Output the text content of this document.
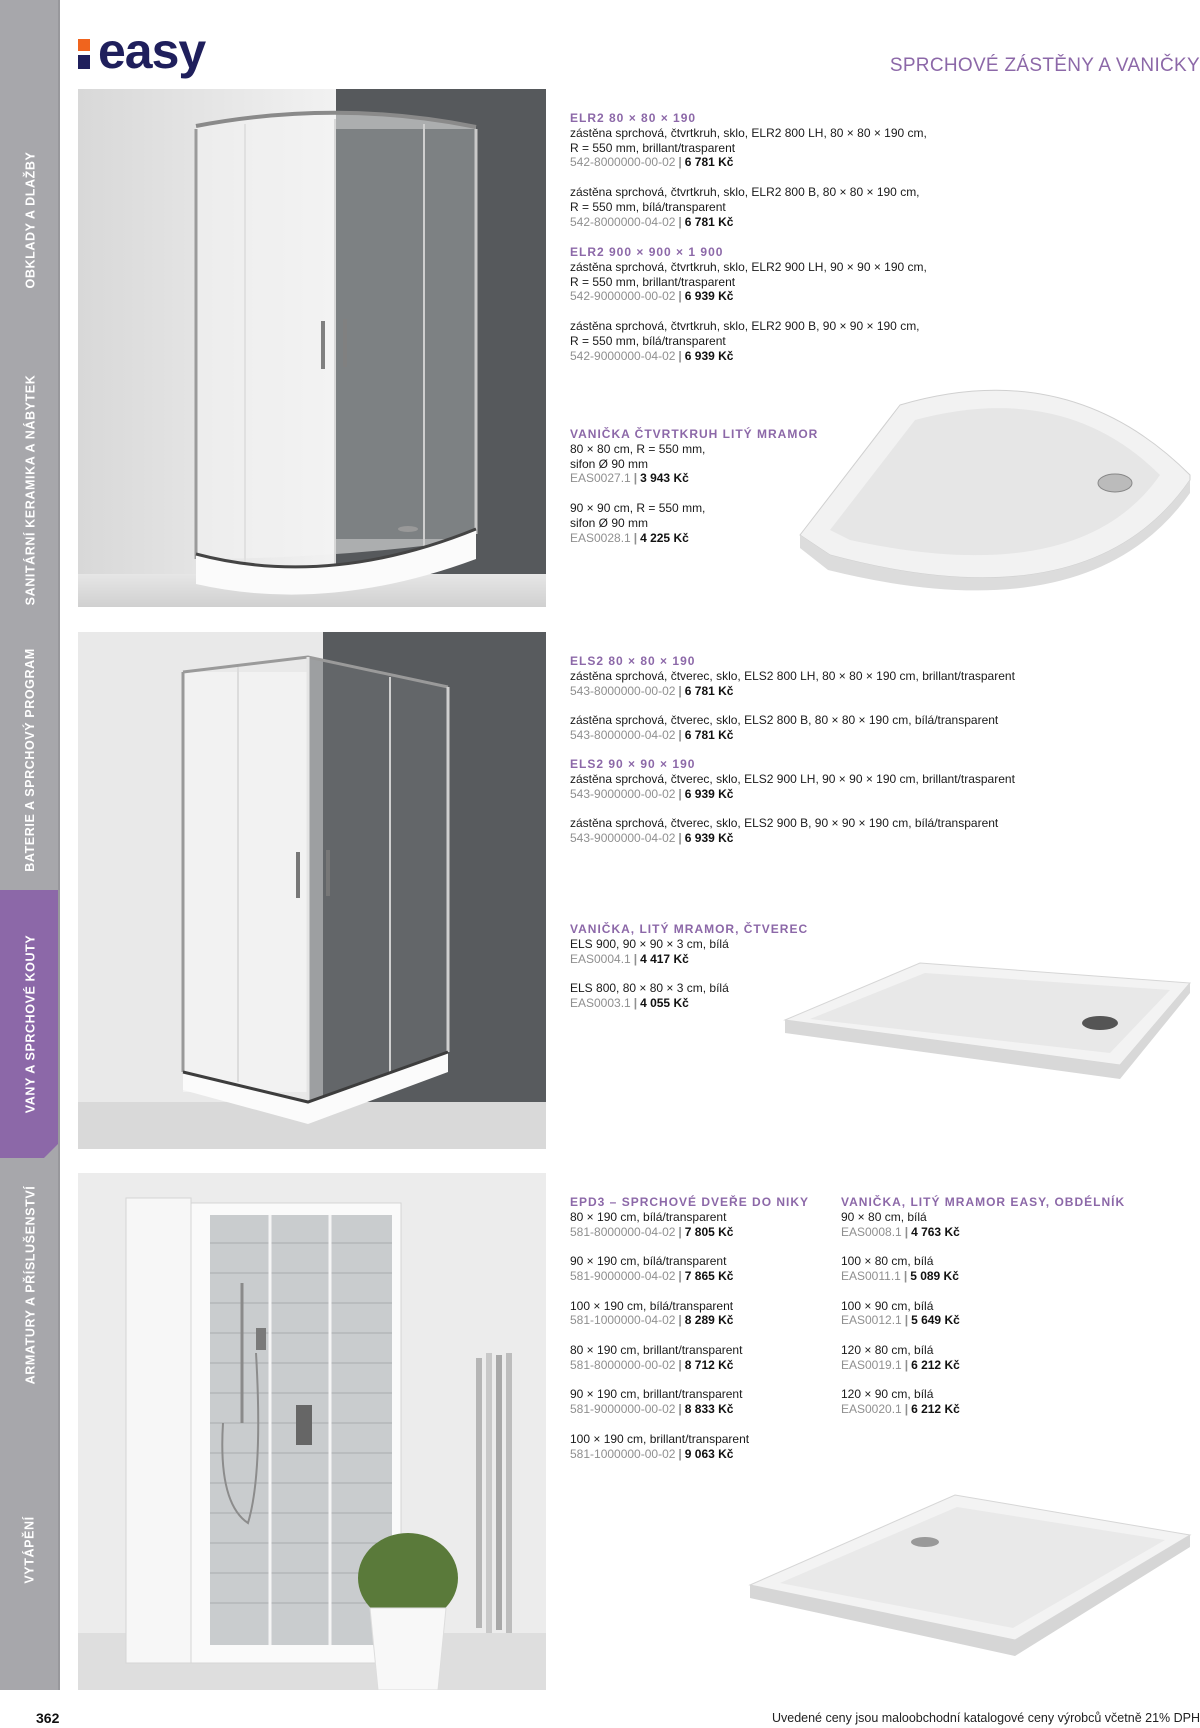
OBKLADY A DLAŽBY
SANITÁRNÍ KERAMIKA A NÁBYTEK
BATERIE A SPRCHOVÝ PROGRAM
VANY A SPRCHOVÉ KOUTY
ARMATURY A PŘÍSLUŠENSTVÍ
VYTÁPĚNÍ
easy	SPRCHOVÉ ZÁSTĚNY A VANIČKY
ELR2 80 × 80 × 190
zástěna sprchová, čtvrtkruh, sklo, ELR2 800 LH, 80 × 80 × 190 cm,
R = 550 mm, brillant/trasparent
542-8000000-00-02 | 6 781 Kč
zástěna sprchová, čtvrtkruh, sklo, ELR2 800 B, 80 × 80 × 190 cm,
R = 550 mm, bílá/transparent
542-8000000-04-02 | 6 781 Kč
ELR2 900 × 900 × 1 900
zástěna sprchová, čtvrtkruh, sklo, ELR2 900 LH, 90 × 90 × 190 cm,
R = 550 mm, brillant/trasparent
542-9000000-00-02 | 6 939 Kč
zástěna sprchová, čtvrtkruh, sklo, ELR2 900 B, 90 × 90 × 190 cm,
R = 550 mm, bílá/transparent
542-9000000-04-02 | 6 939 Kč
VANIČKA ČTVRTKRUH LITÝ MRAMOR
80 × 80 cm, R = 550 mm,
sifon Ø 90 mm
EAS0027.1 | 3 943 Kč
90 × 90 cm, R = 550 mm,
sifon Ø 90 mm
EAS0028.1 | 4 225 Kč
ELS2 80 × 80 × 190
zástěna sprchová, čtverec, sklo, ELS2 800 LH, 80 × 80 × 190 cm, brillant/trasparent
543-8000000-00-02 | 6 781 Kč
zástěna sprchová, čtverec, sklo, ELS2 800 B, 80 × 80 × 190 cm, bílá/transparent
543-8000000-04-02 | 6 781 Kč
ELS2 90 × 90 × 190
zástěna sprchová, čtverec, sklo, ELS2 900 LH, 90 × 90 × 190 cm, brillant/trasparent
543-9000000-00-02 | 6 939 Kč
zástěna sprchová, čtverec, sklo, ELS2 900 B, 90 × 90 × 190 cm, bílá/transparent
543-9000000-04-02 | 6 939 Kč
VANIČKA, LITÝ MRAMOR, ČTVEREC
ELS 900, 90 × 90 × 3 cm, bílá
EAS0004.1 | 4 417 Kč
ELS 800, 80 × 80 × 3 cm, bílá
EAS0003.1 | 4 055 Kč
EPD3 – SPRCHOVÉ DVEŘE DO NIKY
80 × 190 cm, bílá/transparent
581-8000000-04-02 | 7 805 Kč
90 × 190 cm, bílá/transparent
581-9000000-04-02 | 7 865 Kč
100 × 190 cm, bílá/transparent
581-1000000-04-02 | 8 289 Kč
80 × 190 cm, brillant/transparent
581-8000000-00-02 | 8 712 Kč
90 × 190 cm, brillant/transparent
581-9000000-00-02 | 8 833 Kč
100 × 190 cm, brillant/transparent
581-1000000-00-02 | 9 063 Kč
VANIČKA, LITÝ MRAMOR EASY, OBDÉLNÍK
90 × 80 cm, bílá
EAS0008.1 | 4 763 Kč
100 × 80 cm, bílá
EAS0011.1 | 5 089 Kč
100 × 90 cm, bílá
EAS0012.1 | 5 649 Kč
120 × 80 cm, bílá
EAS0019.1 | 6 212 Kč
120 × 90 cm, bílá
EAS0020.1 | 6 212 Kč
362	Uvedené ceny jsou maloobchodní katalogové ceny výrobců včetně 21% DPH
